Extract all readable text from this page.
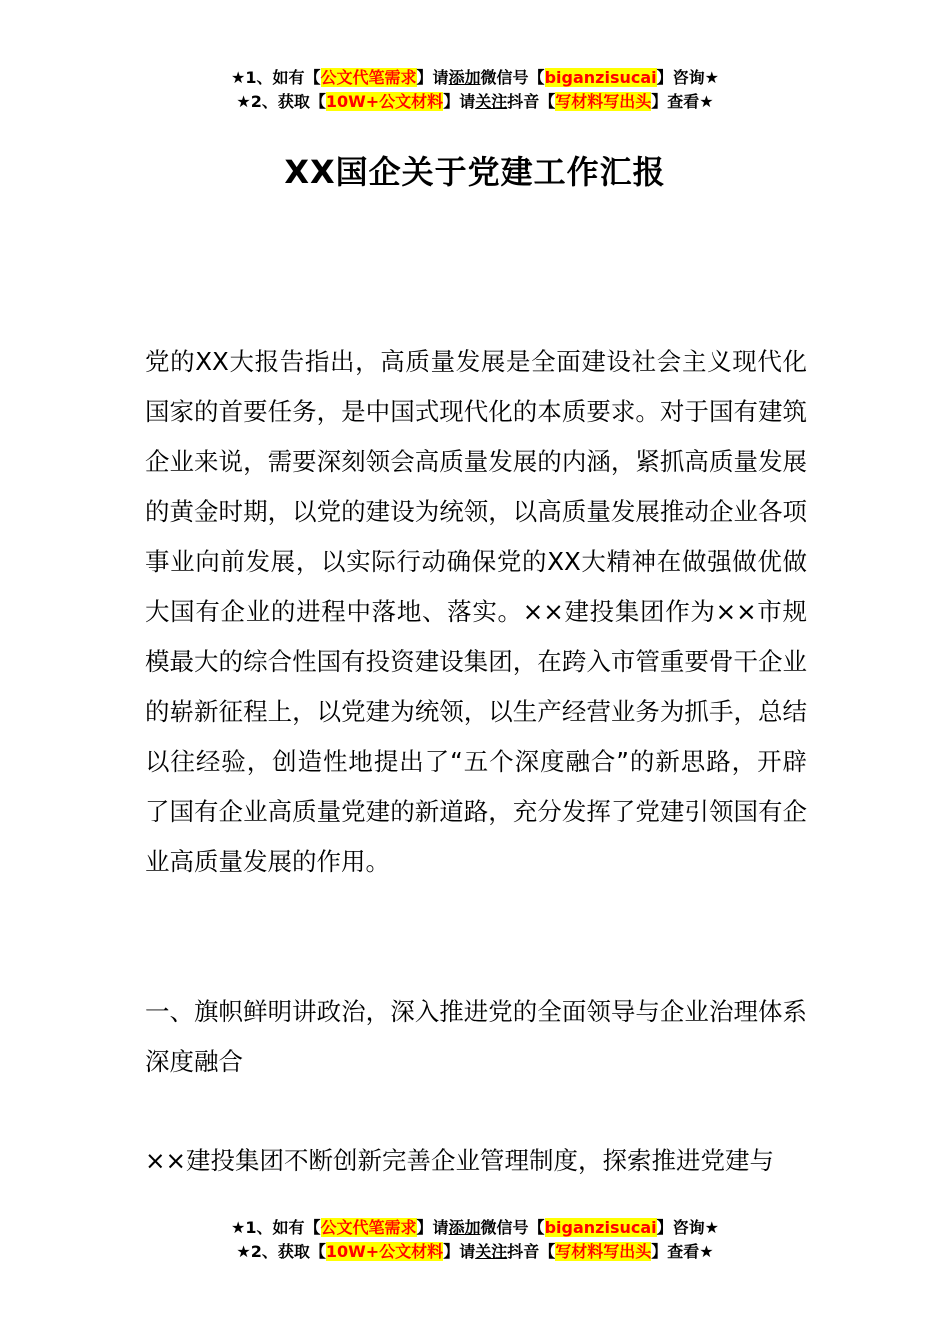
★1、如有【公文代笔需求】请添加微信号【biganzisucai】咨询★
★2、获取【10W+公文材料】请关注抖音【写材料写出头】查看★
XX国企关于党建工作汇报

党的XX大报告指出，高质量发展是全面建设社会主义现代化国家的首要任务，是中国式现代化的本质要求。对于国有建筑企业来说，需要深刻领会高质量发展的内涵，紧抓高质量发展的黄金时期，以党的建设为统领，以高质量发展推动企业各项事业向前发展，以实际行动确保党的XX大精神在做强做优做大国有企业的进程中落地、落实。××建投集团作为××市规模最大的综合性国有投资建设集团，在跨入市管重要骨干企业的崭新征程上，以党建为统领，以生产经营业务为抓手，总结以往经验，创造性地提出了“五个深度融合”的新思路，开辟了国有企业高质量党建的新道路，充分发挥了党建引领国有企业高质量发展的作用。

一、旗帜鲜明讲政治，深入推进党的全面领导与企业治理体系深度融合

××建投集团不断创新完善企业管理制度，探索推进党建与

★1、如有【公文代笔需求】请添加微信号【biganzisucai】咨询★
★2、获取【10W+公文材料】请关注抖音【写材料写出头】查看★
